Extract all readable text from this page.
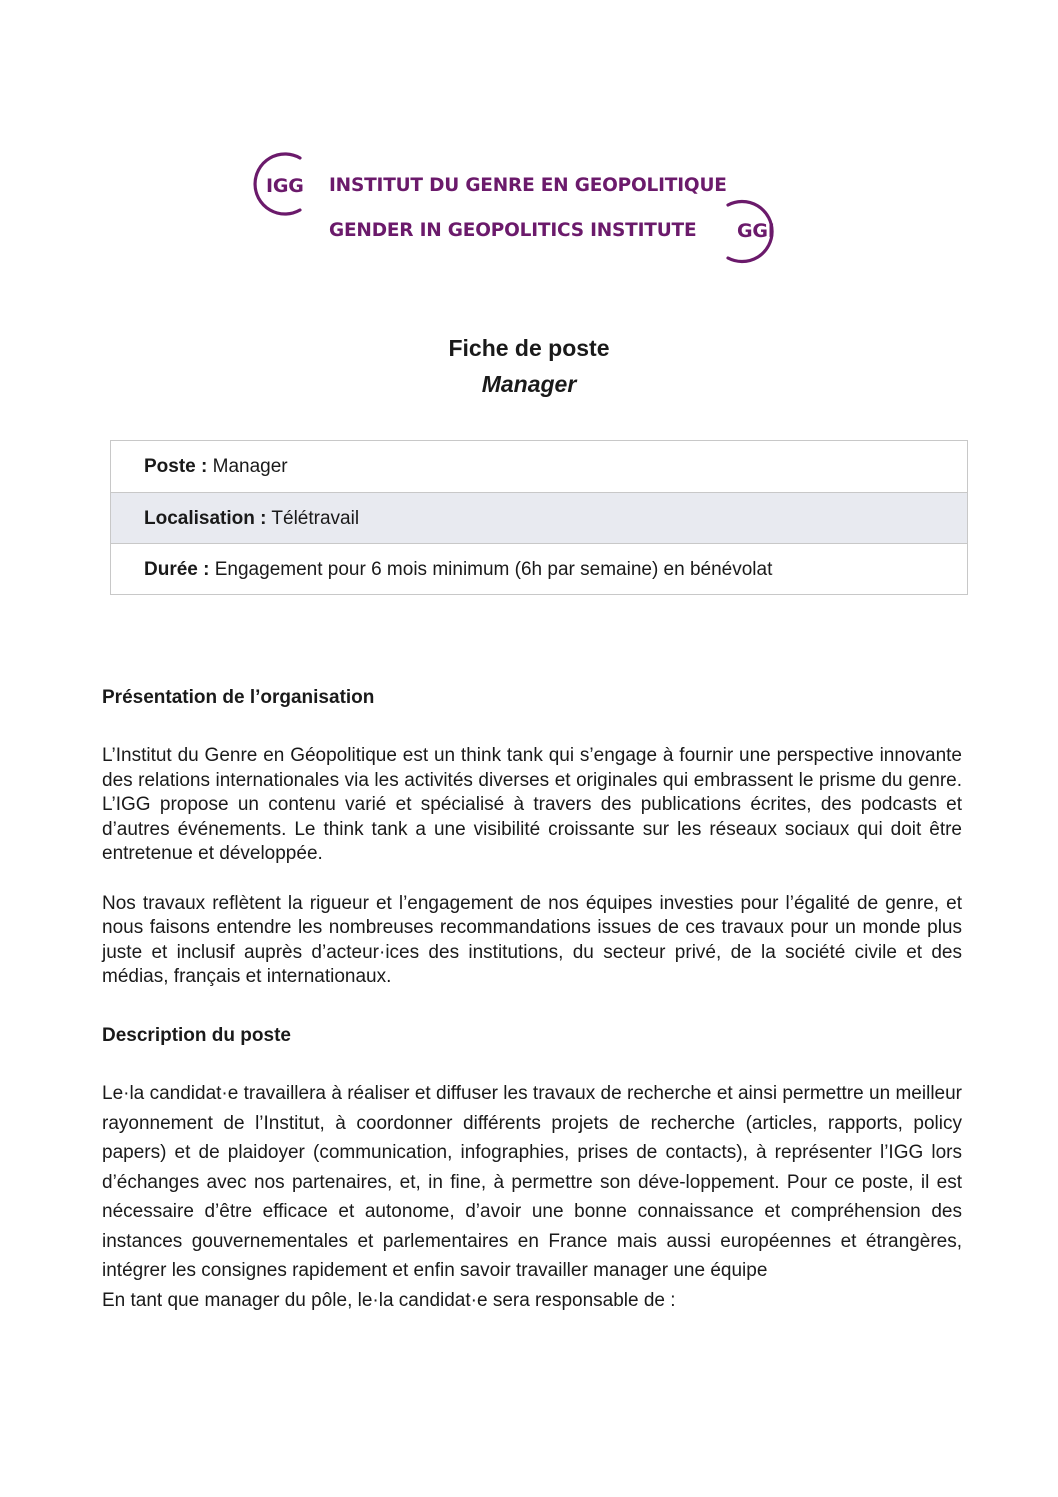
IGG INSTITUT DU GENRE EN GEOPOLITIQUE
GENDER IN GEOPOLITICS INSTITUTE GGI

Fiche de poste

Manager

Poste : Manager
Localisation : Télétravail
Durée : Engagement pour 6 mois minimum (6h par semaine) en bénévolat

Présentation de l’organisation

L’Institut du Genre en Géopolitique est un think tank qui s’engage à fournir une perspective innovante des relations internationales via les activités diverses et originales qui embrassent le prisme du genre. L’IGG propose un contenu varié et spécialisé à travers des publications écrites, des podcasts et d’autres événements. Le think tank a une visibilité croissante sur les réseaux sociaux qui doit être entretenue et développée.

Nos travaux reflètent la rigueur et l’engagement de nos équipes investies pour l’égalité de genre, et nous faisons entendre les nombreuses recommandations issues de ces travaux pour un monde plus juste et inclusif auprès d’acteur·ices des institutions, du secteur privé, de la société civile et des médias, français et internationaux.

Description du poste

Le·la candidat·e travaillera à réaliser et diffuser les travaux de recherche et ainsi permettre un meilleur rayonnement de l’Institut, à coordonner différents projets de recherche (articles, rapports, policy papers) et de plaidoyer (communication, infographies, prises de contacts), à représenter l’IGG lors d’échanges avec nos partenaires, et, in fine, à permettre son déve-loppement. Pour ce poste, il est nécessaire d’être efficace et autonome, d’avoir une bonne connaissance et compréhension des instances gouvernementales et parlementaires en France mais aussi européennes et étrangères, intégrer les consignes rapidement et enfin savoir travailler manager une équipe

En tant que manager du pôle, le·la candidat·e sera responsable de :
